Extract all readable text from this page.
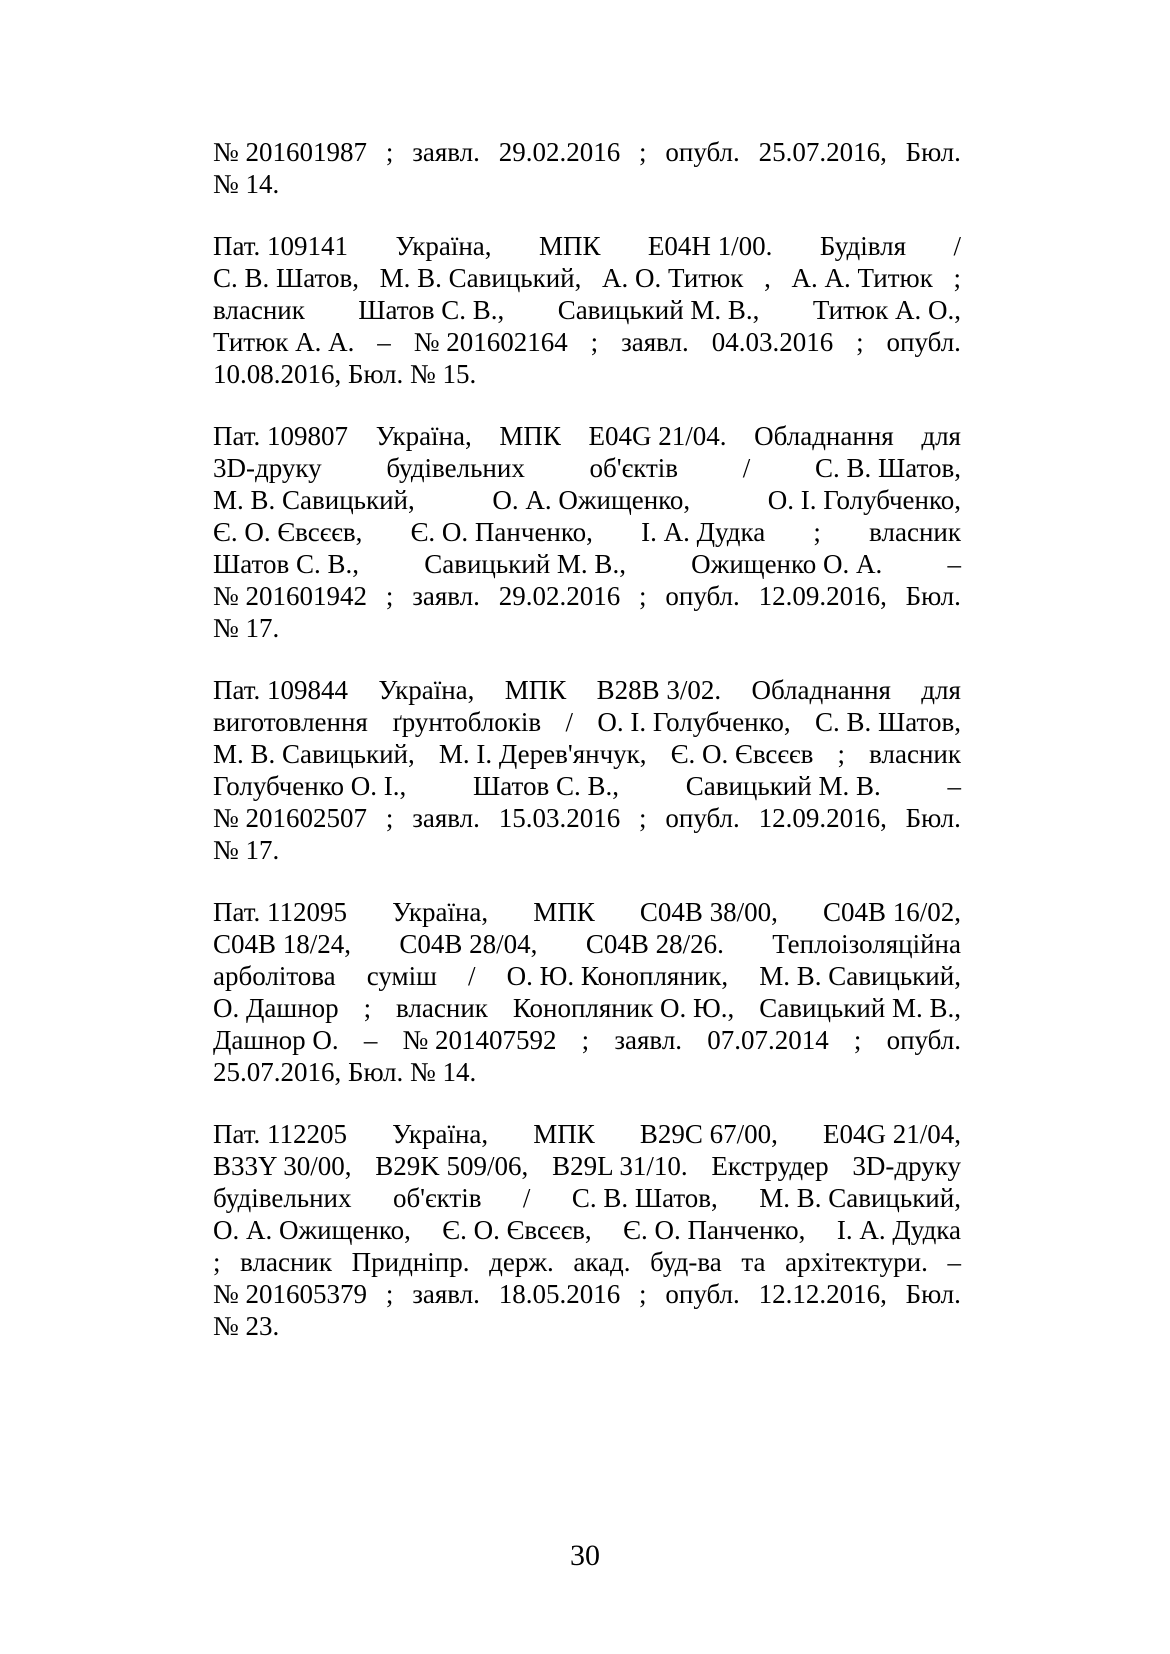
№ 201601987 ; заявл. 29.02.2016 ; опубл. 25.07.2016, Бюл.
№ 14.
Пат. 109141 Україна, МПК E04H 1/00. Будівля /
С. В. Шатов, М. В. Савицький, А. О. Титюк , А. А. Титюк ;
власник Шатов С. В., Савицький М. В., Титюк А. О.,
Титюк А. А. – № 201602164 ; заявл. 04.03.2016 ; опубл.
10.08.2016, Бюл. № 15.
Пат. 109807 Україна, МПК E04G 21/04. Обладнання для
3D-друку будівельних об'єктів / С. В. Шатов,
М. В. Савицький,	О. А. Ожищенко,	О. І. Голубченко,
Є. О. Євсєєв, Є. О. Панченко, І. А. Дудка ; власник
Шатов С. В., Савицький М. В., Ожищенко О. А. –
№ 201601942 ; заявл. 29.02.2016 ; опубл. 12.09.2016, Бюл.
№ 17.
Пат. 109844 Україна, МПК B28B 3/02. Обладнання для
виготовлення ґрунтоблоків / О. І. Голубченко, С. В. Шатов,
М. В. Савицький, М. І. Дерев'янчук, Є. О. Євсєєв ; власник
Голубченко О. І., Шатов С. В., Савицький М. В. –
№ 201602507 ; заявл. 15.03.2016 ; опубл. 12.09.2016, Бюл.
№ 17.
Пат. 112095 Україна, МПК C04B 38/00, C04B 16/02,
C04B 18/24, C04B 28/04, C04B 28/26. Теплоізоляційна
арболітова суміш / О. Ю. Конопляник, М. В. Савицький,
О. Дашнор ; власник Конопляник О. Ю., Савицький М. В.,
Дашнор О. – № 201407592 ; заявл. 07.07.2014 ; опубл.
25.07.2016, Бюл. № 14.
Пат. 112205 Україна, МПК B29C 67/00, E04G 21/04,
B33Y 30/00, B29K 509/06, B29L 31/10. Екструдер 3D-друку
будівельних об'єктів / С. В. Шатов, М. В. Савицький,
О. А. Ожищенко, Є. О. Євсєєв, Є. О. Панченко, І. А. Дудка
; власник Придніпр. держ. акад. буд-ва та архітектури. –
№ 201605379 ; заявл. 18.05.2016 ; опубл. 12.12.2016, Бюл.
№ 23.
30
